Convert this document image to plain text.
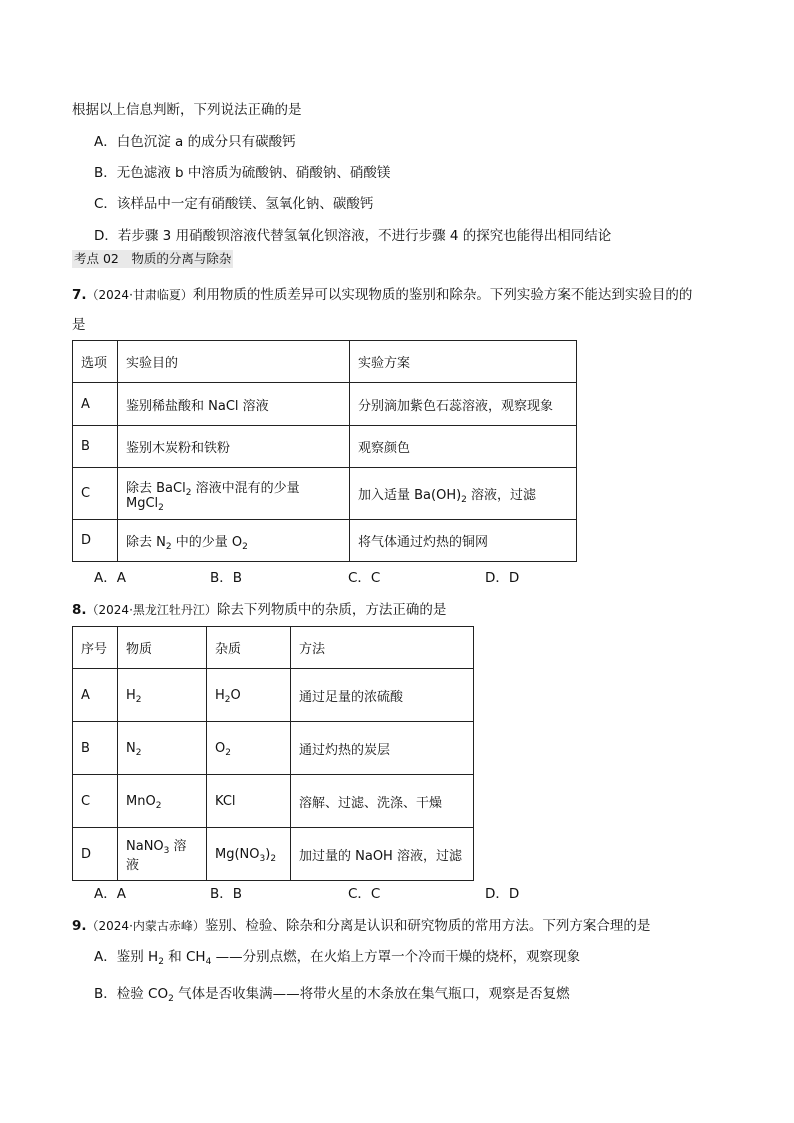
根据以上信息判断，下列说法正确的是
A．白色沉淀 a 的成分只有碳酸钙
B．无色滤液 b 中溶质为硫酸钠、硝酸钠、硝酸镁
C．该样品中一定有硝酸镁、氢氧化钠、碳酸钙
D．若步骤 3 用硝酸钡溶液代替氢氧化钡溶液，不进行步骤 4 的探究也能得出相同结论
考点 02　物质的分离与除杂
7.（2024·甘肃临夏）利用物质的性质差异可以实现物质的鉴别和除杂。下列实验方案不能达到实验目的的
是
选项	实验目的	实验方案
A	鉴别稀盐酸和 NaCl 溶液	分别滴加紫色石蕊溶液，观察现象
B	鉴别木炭粉和铁粉	观察颜色
C	除去 BaCl$_2$ 溶液中混有的少量 MgCl$_2$	加入适量 $Ba(OH)_2$ 溶液，过滤
D	除去 $N_2$ 中的少量 $O_2$	将气体通过灼热的铜网
A．A	B．B	C．C	D．D
8.（2024·黑龙江牡丹江）除去下列物质中的杂质，方法正确的是
序号	物质	杂质	方法
A	$H_2$	$H_2O$	通过足量的浓硫酸
B	$N_2$	$O_2$	通过灼热的炭层
C	MnO$_2$	KCl	溶解、过滤、洗涤、干燥
D	NaNO$_3$ 溶液	$Mg(NO_3)_2$	加过量的 NaOH 溶液，过滤
A．A	B．B	C．C	D．D
9.（2024·内蒙古赤峰）鉴别、检验、除杂和分离是认识和研究物质的常用方法。下列方案合理的是
A．鉴别 $H_2$ 和 $CH_4$ ——分别点燃，在火焰上方罩一个冷而干燥的烧杯，观察现象
B．检验 $CO_2$ 气体是否收集满——将带火星的木条放在集气瓶口，观察是否复燃
